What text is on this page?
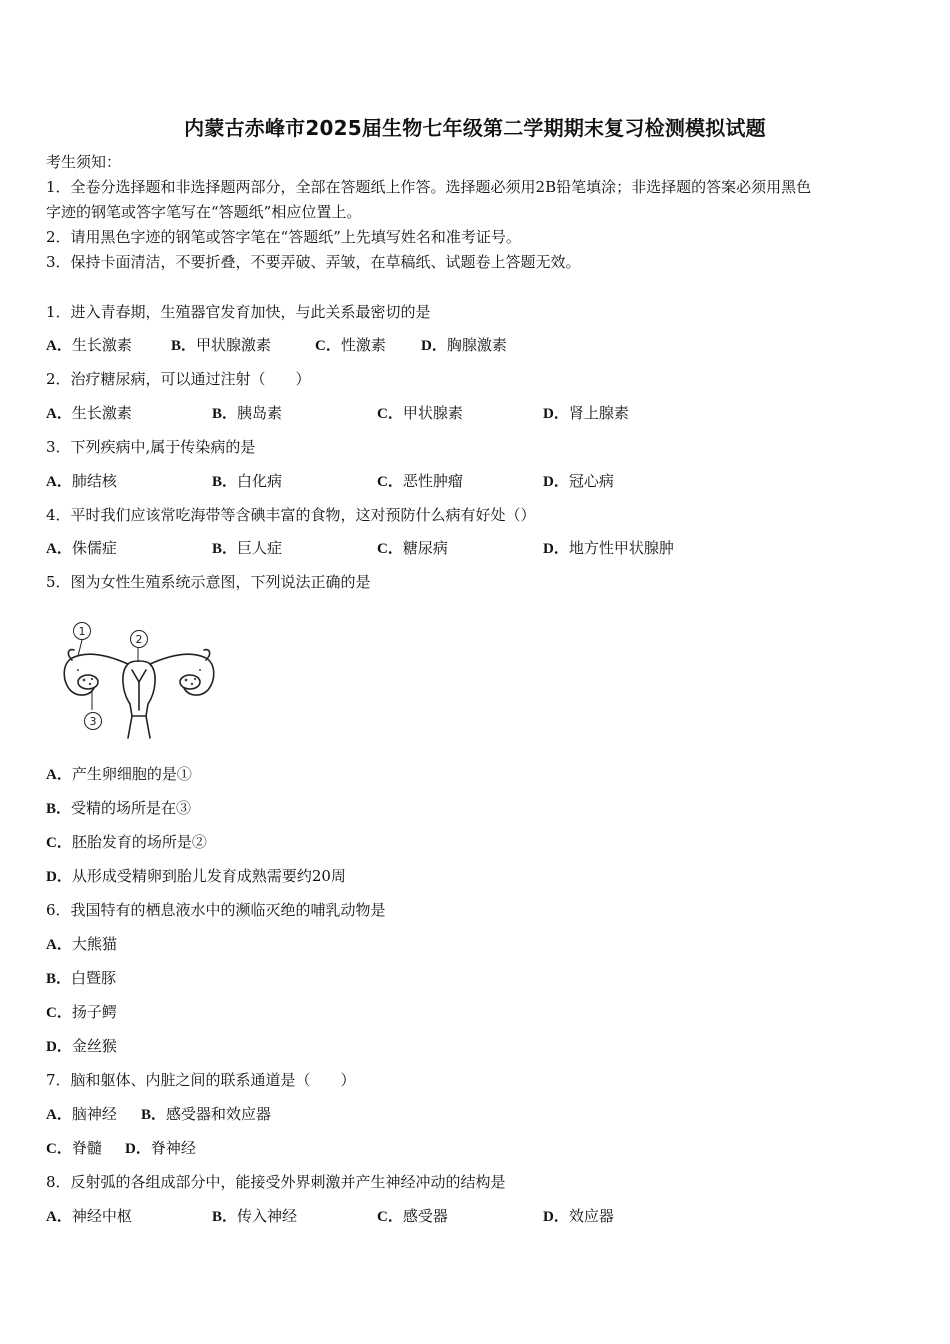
内蒙古赤峰市2025届生物七年级第二学期期末复习检测模拟试题
考生须知：
1．全卷分选择题和非选择题两部分，全部在答题纸上作答。选择题必须用2B铅笔填涂；非选择题的答案必须用黑色
字迹的钢笔或答字笔写在“答题纸”相应位置上。
2．请用黑色字迹的钢笔或答字笔在“答题纸”上先填写姓名和准考证号。
3．保持卡面清洁，不要折叠，不要弄破、弄皱，在草稿纸、试题卷上答题无效。
1．进入青春期，生殖器官发育加快，与此关系最密切的是
A．生长激素	B．甲状腺激素	C．性激素 D．胸腺激素
2．治疗糖尿病，可以通过注射（　　）
A．生长激素	B．胰岛素	C．甲状腺素	D．肾上腺素
3．下列疾病中,属于传染病的是
A．肺结核	B．白化病	C．恶性肿瘤	D．冠心病
4．平时我们应该常吃海带等含碘丰富的食物，这对预防什么病有好处（）
A．侏儒症	B．巨人症	C．糖尿病	D．地方性甲状腺肿
5．图为女性生殖系统示意图，下列说法正确的是
1
2
3
A．产生卵细胞的是①
B．受精的场所是在③
C．胚胎发育的场所是②
D．从形成受精卵到胎儿发育成熟需要约20周
6．我国特有的栖息液水中的濒临灭绝的哺乳动物是
A．大熊猫
B．白暨豚
C．扬子鳄
D．金丝猴
7．脑和躯体、内脏之间的联系通道是（　　）
A．脑神经 B．感受器和效应器
C．脊髓 D．脊神经
8．反射弧的各组成部分中，能接受外界刺激并产生神经冲动的结构是
A．神经中枢	B．传入神经	C．感受器	D．效应器
